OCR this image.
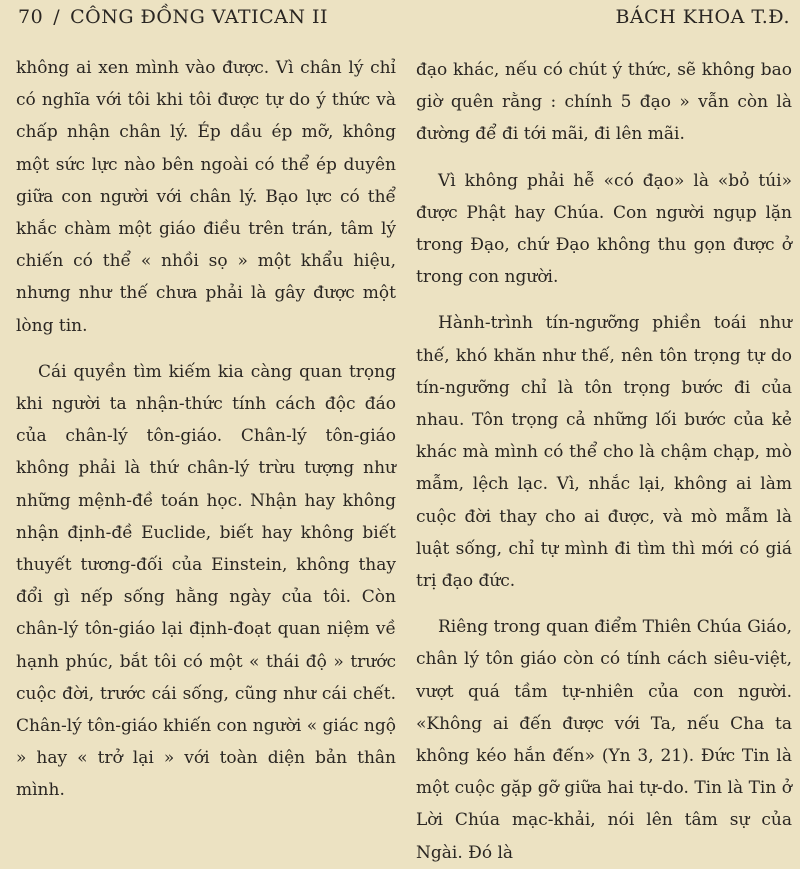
70 / CÔNG ĐỒNG VATICAN II	BÁCH KHOA T.Đ.

không ai xen mình vào được. Vì chân lý chỉ có nghĩa với tôi khi tôi được tự do ý thức và chấp nhận chân lý. Ép dầu ép mỡ, không một sức lực nào bên ngoài có thể ép duyên giữa con người với chân lý. Bạo lực có thể khắc chàm một giáo điều trên trán, tâm lý chiến có thể « nhồi sọ » một khẩu hiệu, nhưng như thế chưa phải là gây được một lòng tin.

Cái quyền tìm kiếm kia càng quan trọng khi người ta nhận-thức tính cách độc đáo của chân-lý tôn-giáo. Chân-lý tôn-giáo không phải là thứ chân-lý trừu tượng như những mệnh-đề toán học. Nhận hay không nhận định-đề Euclide, biết hay không biết thuyết tương-đối của Einstein, không thay đổi gì nếp sống hằng ngày của tôi. Còn chân-lý tôn-giáo lại định-đoạt quan niệm về hạnh phúc, bắt tôi có một « thái độ » trước cuộc đời, trước cái sống, cũng như cái chết. Chân-lý tôn-giáo khiến con người « giác ngộ » hay « trở lại » với toàn diện bản thân mình.

đạo khác, nếu có chút ý thức, sẽ không bao giờ quên rằng : chính 5 đạo » vẫn còn là đường để đi tới mãi, đi lên mãi.

Vì không phải hễ «có đạo» là «bỏ túi» được Phật hay Chúa. Con người ngụp lặn trong Đạo, chứ Đạo không thu gọn được ở trong con người.

Hành-trình tín-ngưỡng phiền toái như thế, khó khăn như thế, nên tôn trọng tự do tín-ngưỡng chỉ là tôn trọng bước đi của nhau. Tôn trọng cả những lối bước của kẻ khác mà mình có thể cho là chậm chạp, mò mẫm, lệch lạc. Vì, nhắc lại, không ai làm cuộc đời thay cho ai được, và mò mẫm là luật sống, chỉ tự mình đi tìm thì mới có giá trị đạo đức.

Riêng trong quan điểm Thiên Chúa Giáo, chân lý tôn giáo còn có tính cách siêu-việt, vượt quá tầm tự-nhiên của con người. «Không ai đến được với Ta, nếu Cha ta không kéo hắn đến» (Yn 3, 21). Đức Tin là một cuộc gặp gỡ giữa hai tự-do. Tin là Tin ở Lời Chúa mạc-khải, nói lên tâm sự của Ngài. Đó là
